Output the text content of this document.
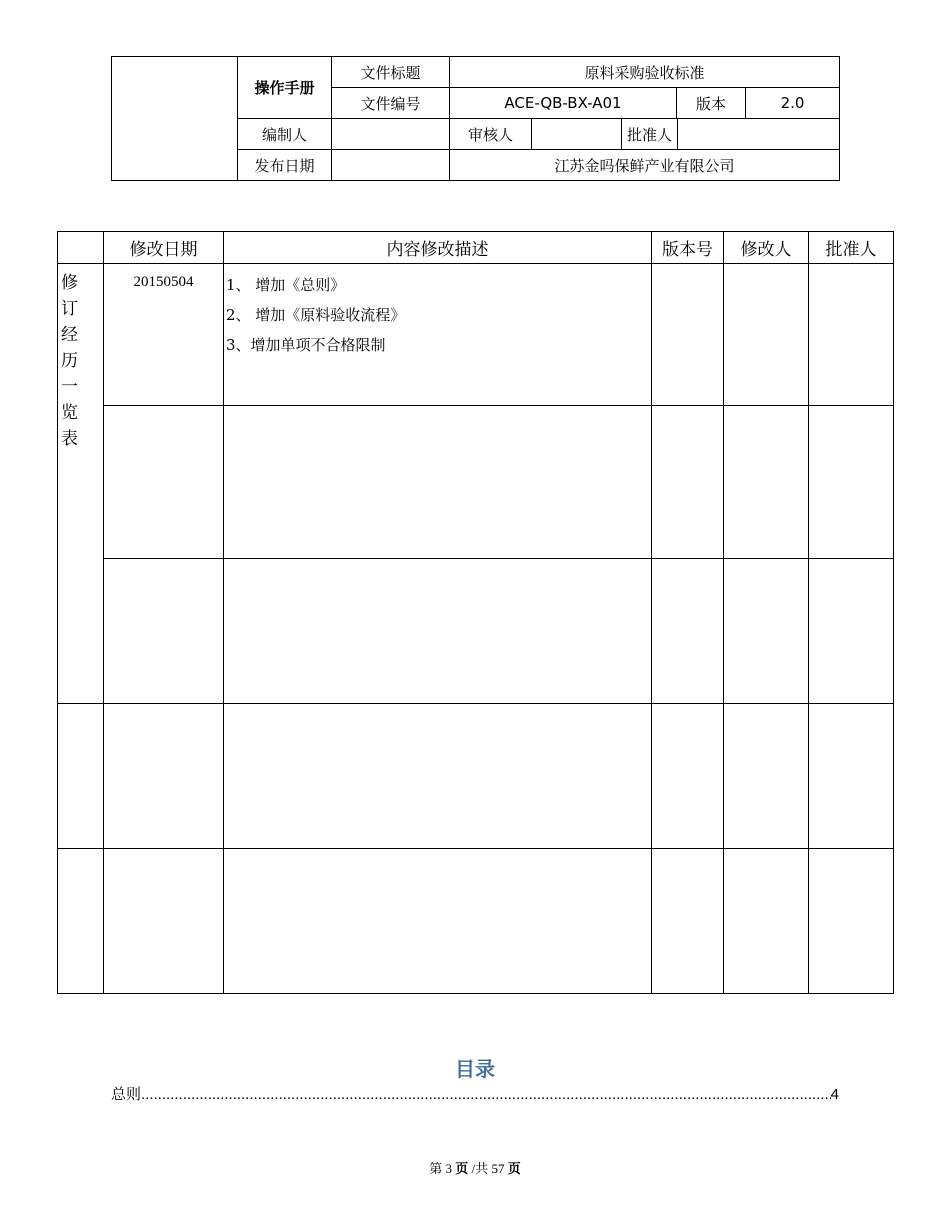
	操作手册	文件标题	原料采购验收标准				
		文件编号	ACE-QB-BX-A01			版本	2.0
	编制人		审核人		批准人		
	发布日期		江苏金吗保鲜产业有限公司				
	修改日期	内容修改描述	版本号	修改人	批准人
修订经历一览表	20150504	1、 增加《总则》
2、 增加《原料验收流程》
3、增加单项不合格限制			

目录
总则 .....	4
第 3 页 /共 57 页
